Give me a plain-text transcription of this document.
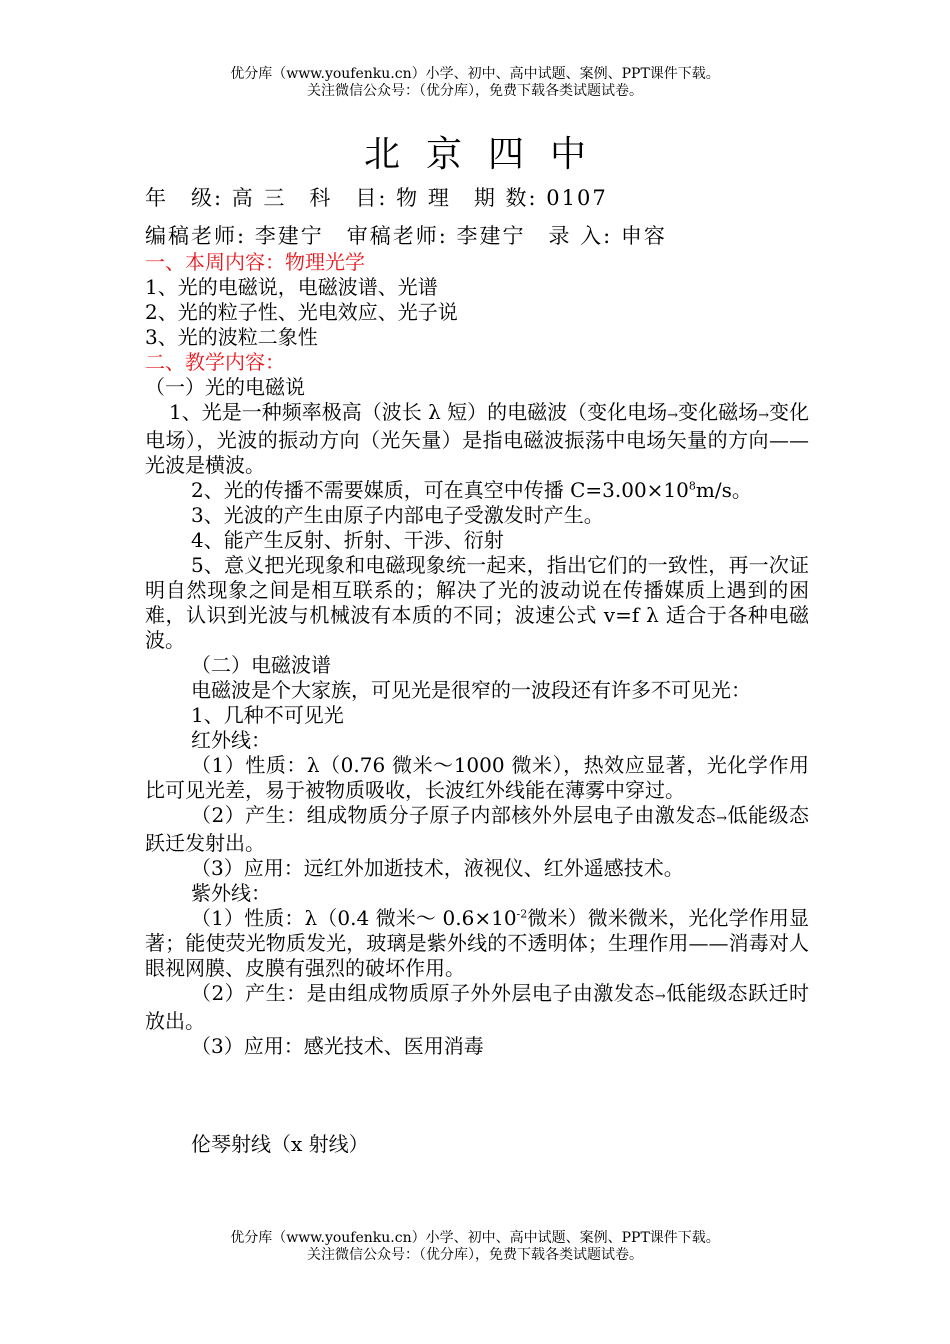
优分库（www.youfenku.cn）小学、初中、高中试题、案例、PPT课件下载。
关注微信公众号：（优分库），免费下载各类试题试卷。
北京四中
年　级: 高 三　科　目: 物 理　期 数: 0107
编稿老师: 李建宁　审稿老师: 李建宁　录 入: 申容
一、本周内容：物理光学
1、光的电磁说，电磁波谱、光谱
2、光的粒子性、光电效应、光子说
3、光的波粒二象性
二、教学内容：
（一）光的电磁说

1、光是一种频率极高（波长 λ 短）的电磁波（变化电场→变化磁场→变化电场），光波的振动方向（光矢量）是指电磁波振荡中电场矢量的方向——光波是横波。

2、光的传播不需要媒质，可在真空中传播 $C=3.00\times 10^8m/s$。

3、光波的产生由原子内部电子受激发时产生。

4、能产生反射、折射、干涉、衍射

5、意义把光现象和电磁现象统一起来，指出它们的一致性，再一次证明自然现象之间是相互联系的；解决了光的波动说在传播媒质上遇到的困难，认识到光波与机械波有本质的不同；波速公式 v=f λ 适合于各种电磁波。

（二）电磁波谱
电磁波是个大家族，可见光是很窄的一波段还有许多不可见光：
1、几种不可见光
红外线：

（1）性质：λ（0.76 微米～1000 微米），热效应显著，光化学作用比可见光差，易于被物质吸收，长波红外线能在薄雾中穿过。

（2）产生：组成物质分子原子内部核外外层电子由激发态→低能级态跃迁发射出。

（3）应用：远红外加逝技术，液视仪、红外遥感技术。

紫外线：

（1）性质：λ（0.4 微米～ $0.6\times 10^{-2}$微米）微米微米，光化学作用显著；能使荧光物质发光，玻璃是紫外线的不透明体；生理作用——消毒对人眼视网膜、皮膜有强烈的破坏作用。

（2）产生：是由组成物质原子外外层电子由激发态→低能级态跃迁时放出。

（3）应用：感光技术、医用消毒

伦琴射线（x 射线）
优分库（www.youfenku.cn）小学、初中、高中试题、案例、PPT课件下载。
关注微信公众号：（优分库），免费下载各类试题试卷。
